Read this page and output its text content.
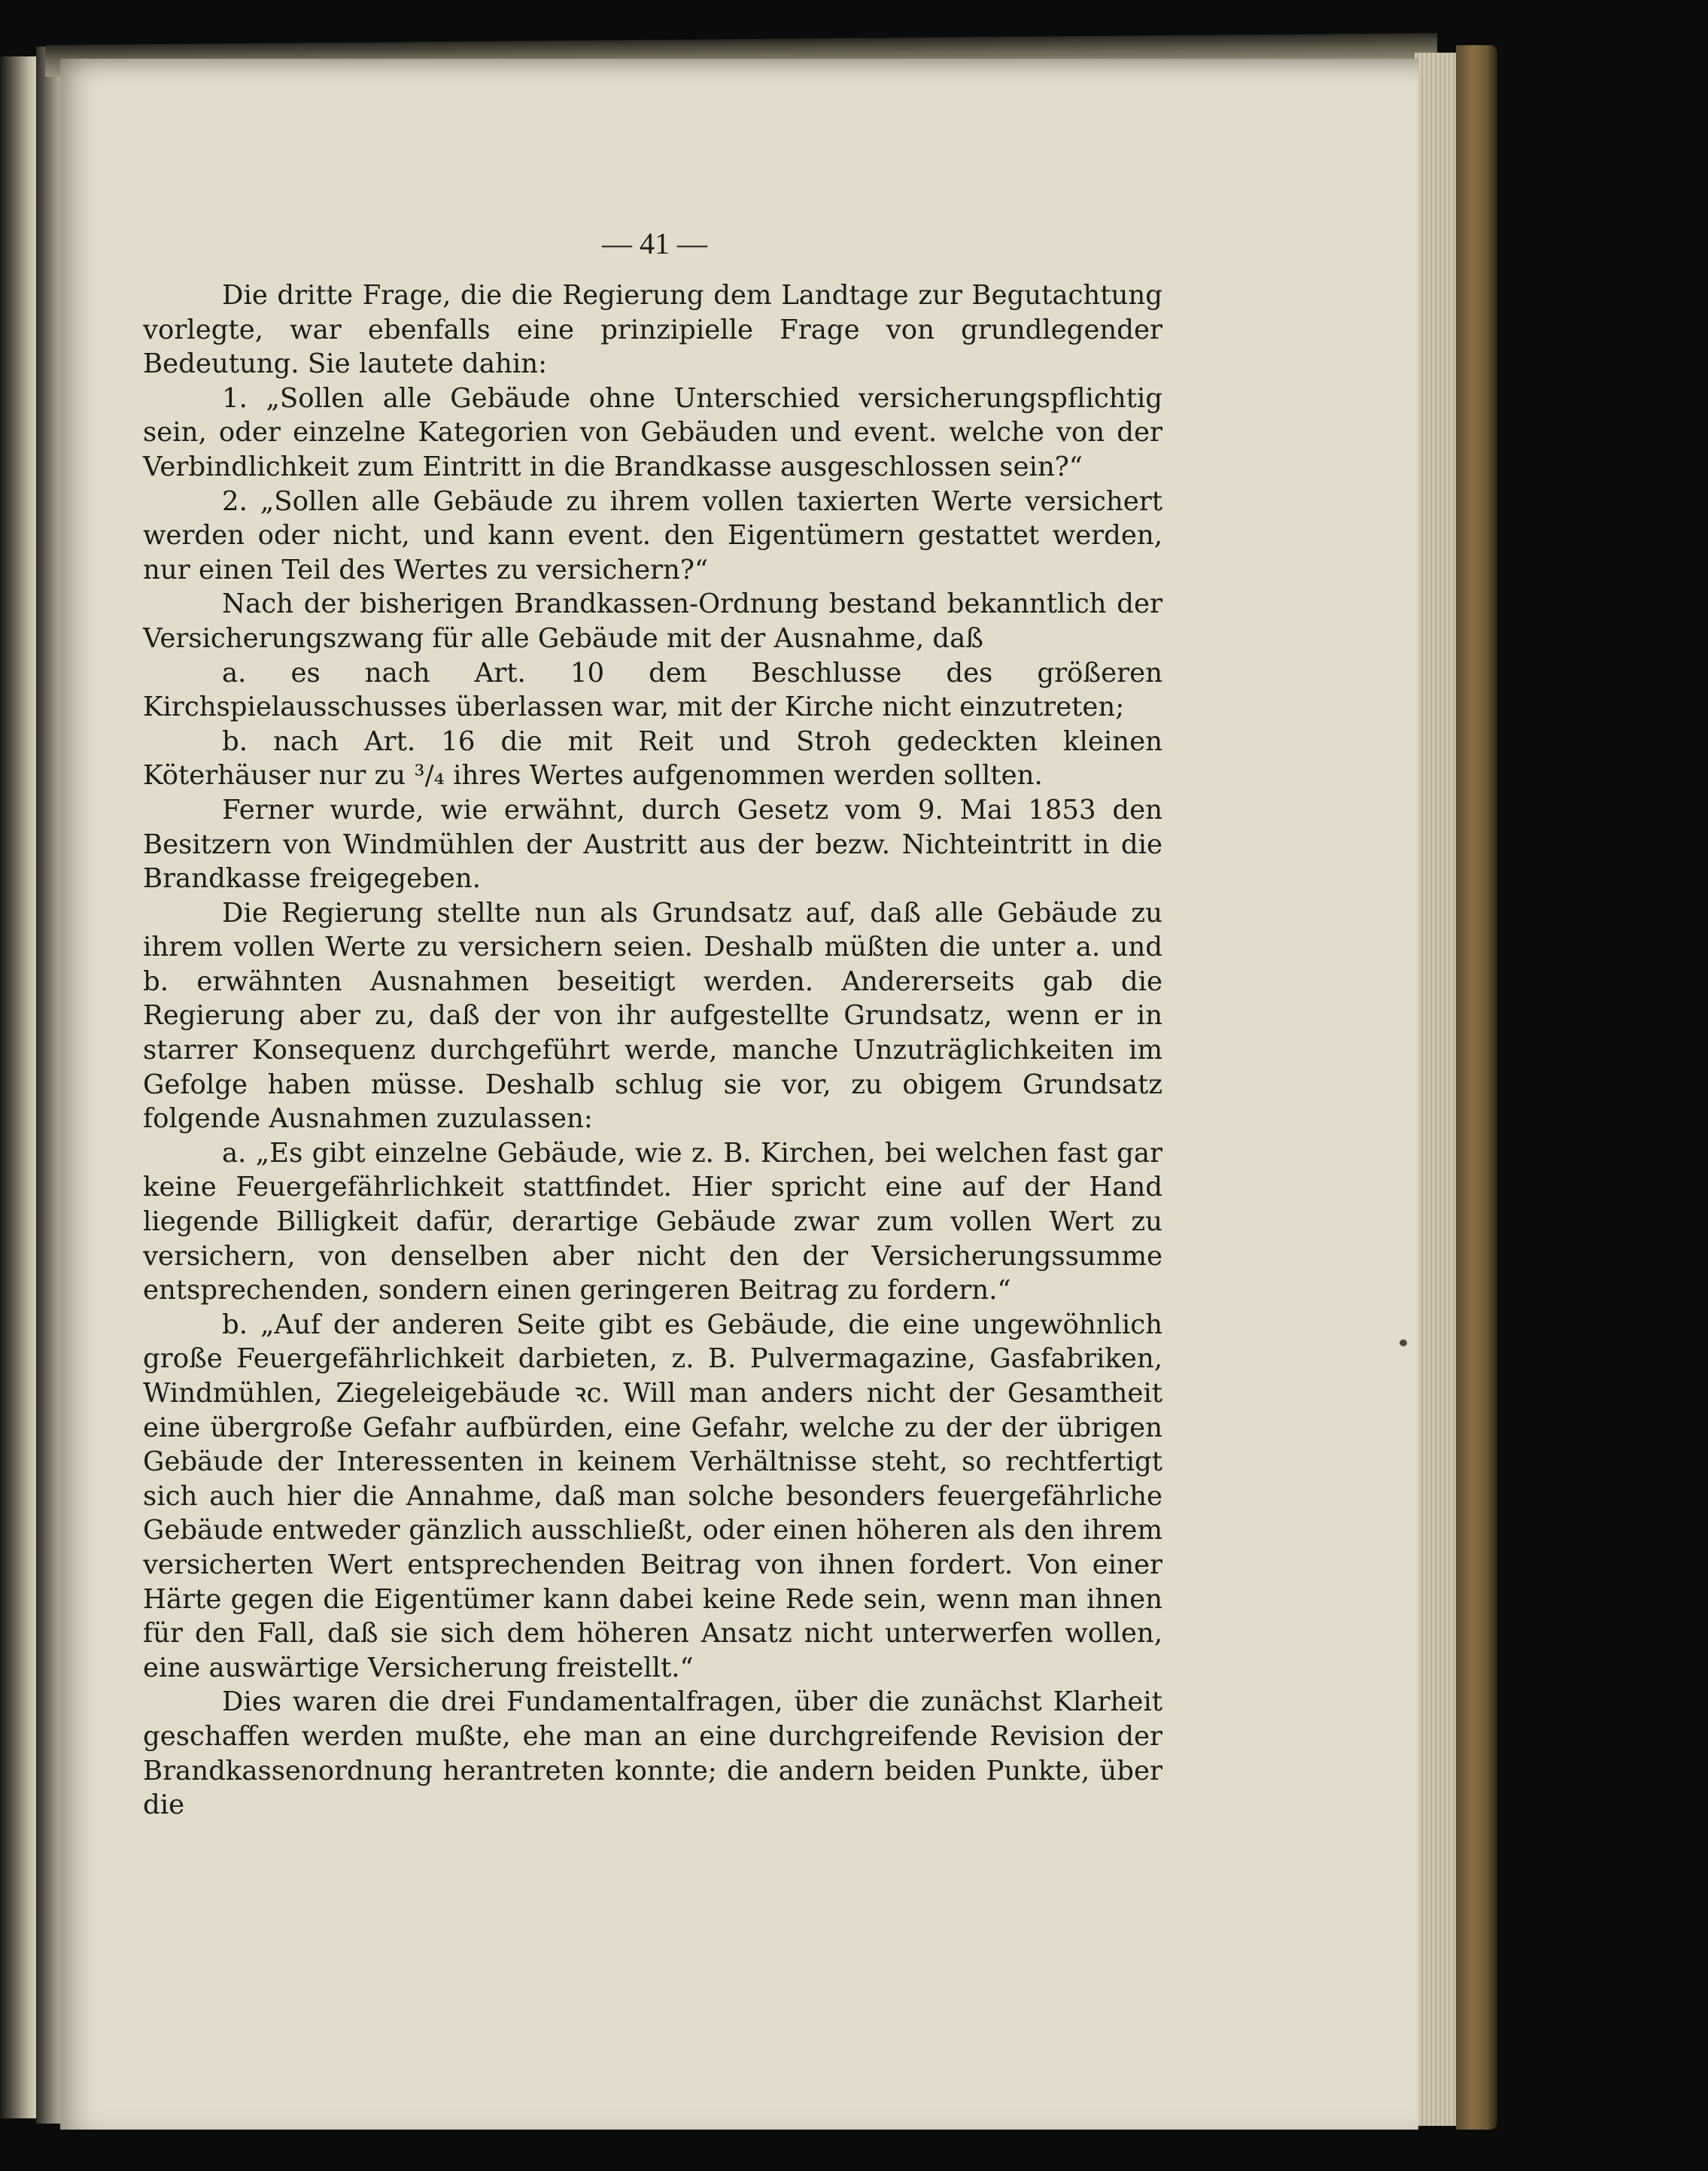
— 41 —

Die dritte Frage, die die Regierung dem Landtage zur Begutachtung vorlegte, war ebenfalls eine prinzipielle Frage von grundlegender Bedeutung. Sie lautete dahin:

1. „Sollen alle Gebäude ohne Unterschied versicherungspflichtig sein, oder einzelne Kategorien von Gebäuden und event. welche von der Verbindlichkeit zum Eintritt in die Brandkasse ausgeschlossen sein?“

2. „Sollen alle Gebäude zu ihrem vollen taxierten Werte versichert werden oder nicht, und kann event. den Eigentümern gestattet werden, nur einen Teil des Wertes zu versichern?“

Nach der bisherigen Brandkassen-Ordnung bestand bekanntlich der Versicherungszwang für alle Gebäude mit der Ausnahme, daß

a. es nach Art. 10 dem Beschlusse des größeren Kirchspielausschusses überlassen war, mit der Kirche nicht einzutreten;

b. nach Art. 16 die mit Reit und Stroh gedeckten kleinen Köterhäuser nur zu ³/₄ ihres Wertes aufgenommen werden sollten.

Ferner wurde, wie erwähnt, durch Gesetz vom 9. Mai 1853 den Besitzern von Windmühlen der Austritt aus der bezw. Nichteintritt in die Brandkasse freigegeben.

Die Regierung stellte nun als Grundsatz auf, daß alle Gebäude zu ihrem vollen Werte zu versichern seien. Deshalb müßten die unter a. und b. erwähnten Ausnahmen beseitigt werden. Andererseits gab die Regierung aber zu, daß der von ihr aufgestellte Grundsatz, wenn er in starrer Konsequenz durchgeführt werde, manche Unzuträglichkeiten im Gefolge haben müsse. Deshalb schlug sie vor, zu obigem Grundsatz folgende Ausnahmen zuzulassen:

a. „Es gibt einzelne Gebäude, wie z. B. Kirchen, bei welchen fast gar keine Feuergefährlichkeit stattfindet. Hier spricht eine auf der Hand liegende Billigkeit dafür, derartige Gebäude zwar zum vollen Wert zu versichern, von denselben aber nicht den der Versicherungssumme entsprechenden, sondern einen geringeren Beitrag zu fordern.“

b. „Auf der anderen Seite gibt es Gebäude, die eine ungewöhnlich große Feuergefährlichkeit darbieten, z. B. Pulvermagazine, Gasfabriken, Windmühlen, Ziegeleigebäude ꝛc. Will man anders nicht der Gesamtheit eine übergroße Gefahr aufbürden, eine Gefahr, welche zu der der übrigen Gebäude der Interessenten in keinem Verhältnisse steht, so rechtfertigt sich auch hier die Annahme, daß man solche besonders feuergefährliche Gebäude entweder gänzlich ausschließt, oder einen höheren als den ihrem versicherten Wert entsprechenden Beitrag von ihnen fordert. Von einer Härte gegen die Eigentümer kann dabei keine Rede sein, wenn man ihnen für den Fall, daß sie sich dem höheren Ansatz nicht unterwerfen wollen, eine auswärtige Versicherung freistellt.“

Dies waren die drei Fundamentalfragen, über die zunächst Klarheit geschaffen werden mußte, ehe man an eine durchgreifende Revision der Brandkassenordnung herantreten konnte; die andern beiden Punkte, über die
